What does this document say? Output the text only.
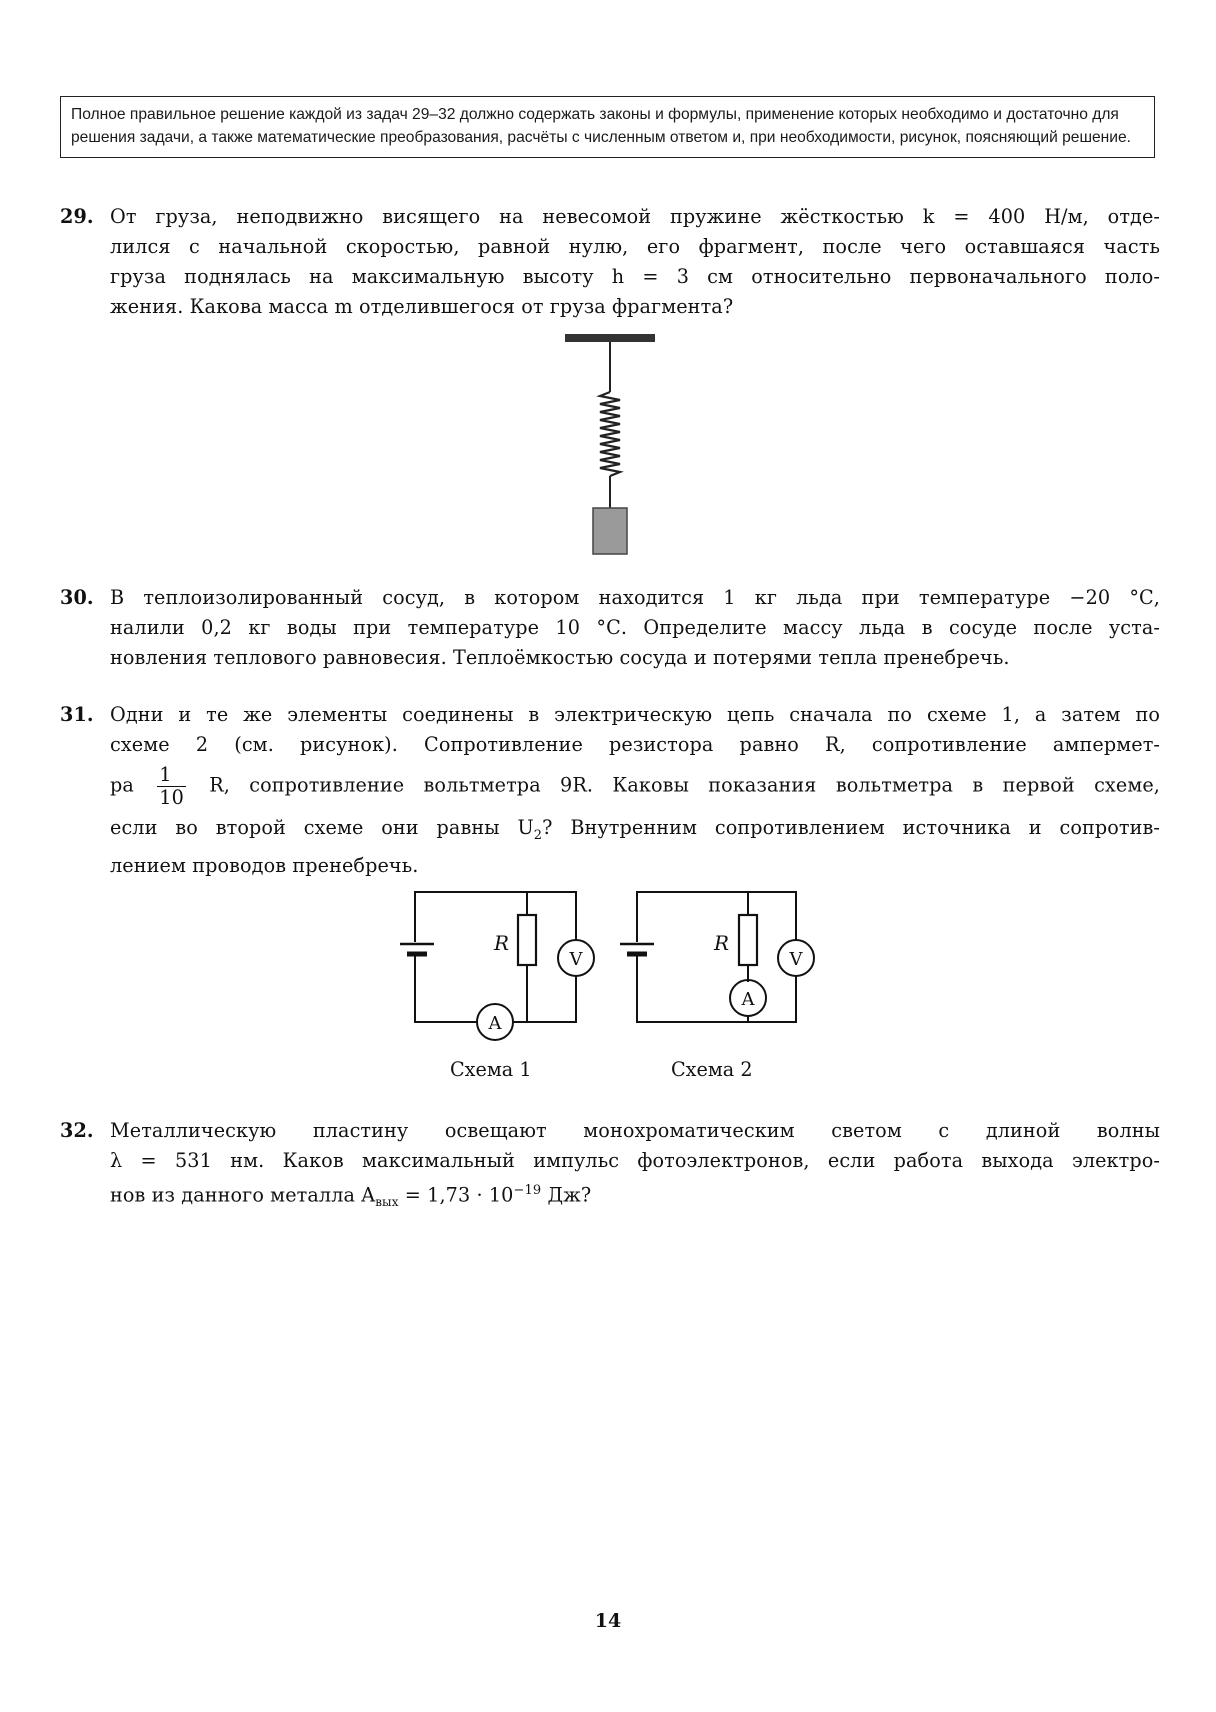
Полное правильное решение каждой из задач 29–32 должно содержать законы и формулы, применение которых необходимо и достаточно для решения задачи, а также математические преобразования, расчёты с численным ответом и, при необходимости, рисунок, поясняющий решение.
29. От груза, неподвижно висящего на невесомой пружине жёсткостью k = 400 Н/м, отде-
лился с начальной скоростью, равной нулю, его фрагмент, после чего оставшаяся часть
груза поднялась на максимальную высоту h = 3 см относительно первоначального поло-
жения. Какова масса m отделившегося от груза фрагмента?
30. В теплоизолированный сосуд, в котором находится 1 кг льда при температуре −20 °С,
налили 0,2 кг воды при температуре 10 °С. Определите массу льда в сосуде после уста-
новления теплового равновесия. Теплоёмкостью сосуда и потерями тепла пренебречь.
31. Одни и те же элементы соединены в электрическую цепь сначала по схеме 1, а затем по
схеме 2 (см. рисунок). Сопротивление резистора равно R, сопротивление ампермет-
ра $\frac{1}{10} R$, сопротивление вольтметра 9R. Каковы показания вольтметра в первой схеме,
если во второй схеме они равны $U_2$? Внутренним сопротивлением источника и сопротив-
лением проводов пренебречь.
R
V
A
R
V
A
Схема 1	Схема 2
32. Металлическую пластину освещают монохроматическим светом с длиной волны
λ = 531 нм. Каков максимальный импульс фотоэлектронов, если работа выхода электро-
нов из данного металла $A_{вых} = 1,73 \cdot 10^{-19}$ Дж?
14
